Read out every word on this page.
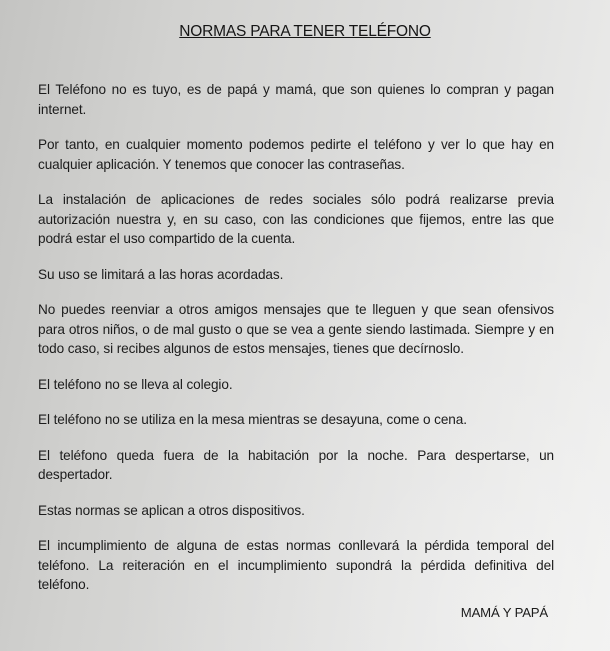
NORMAS PARA TENER TELÉFONO

El Teléfono no es tuyo, es de papá y mamá, que son quienes lo compran y pagan internet.

Por tanto, en cualquier momento podemos pedirte el teléfono y ver lo que hay en cualquier aplicación. Y tenemos que conocer las contraseñas.

La instalación de aplicaciones de redes sociales sólo podrá realizarse previa autorización nuestra y, en su caso, con las condiciones que fijemos, entre las que podrá estar el uso compartido de la cuenta.

Su uso se limitará a las horas acordadas.

No puedes reenviar a otros amigos mensajes que te lleguen y que sean ofensivos para otros niños, o de mal gusto o que se vea a gente siendo lastimada. Siempre y en todo caso, si recibes algunos de estos mensajes, tienes que decírnoslo.

El teléfono no se lleva al colegio.

El teléfono no se utiliza en la mesa mientras se desayuna, come o cena.

El teléfono queda fuera de la habitación por la noche. Para despertarse, un despertador.

Estas normas se aplican a otros dispositivos.

El incumplimiento de alguna de estas normas conllevará la pérdida temporal del teléfono. La reiteración en el incumplimiento supondrá la pérdida definitiva del teléfono.

MAMÁ Y PAPÁ
